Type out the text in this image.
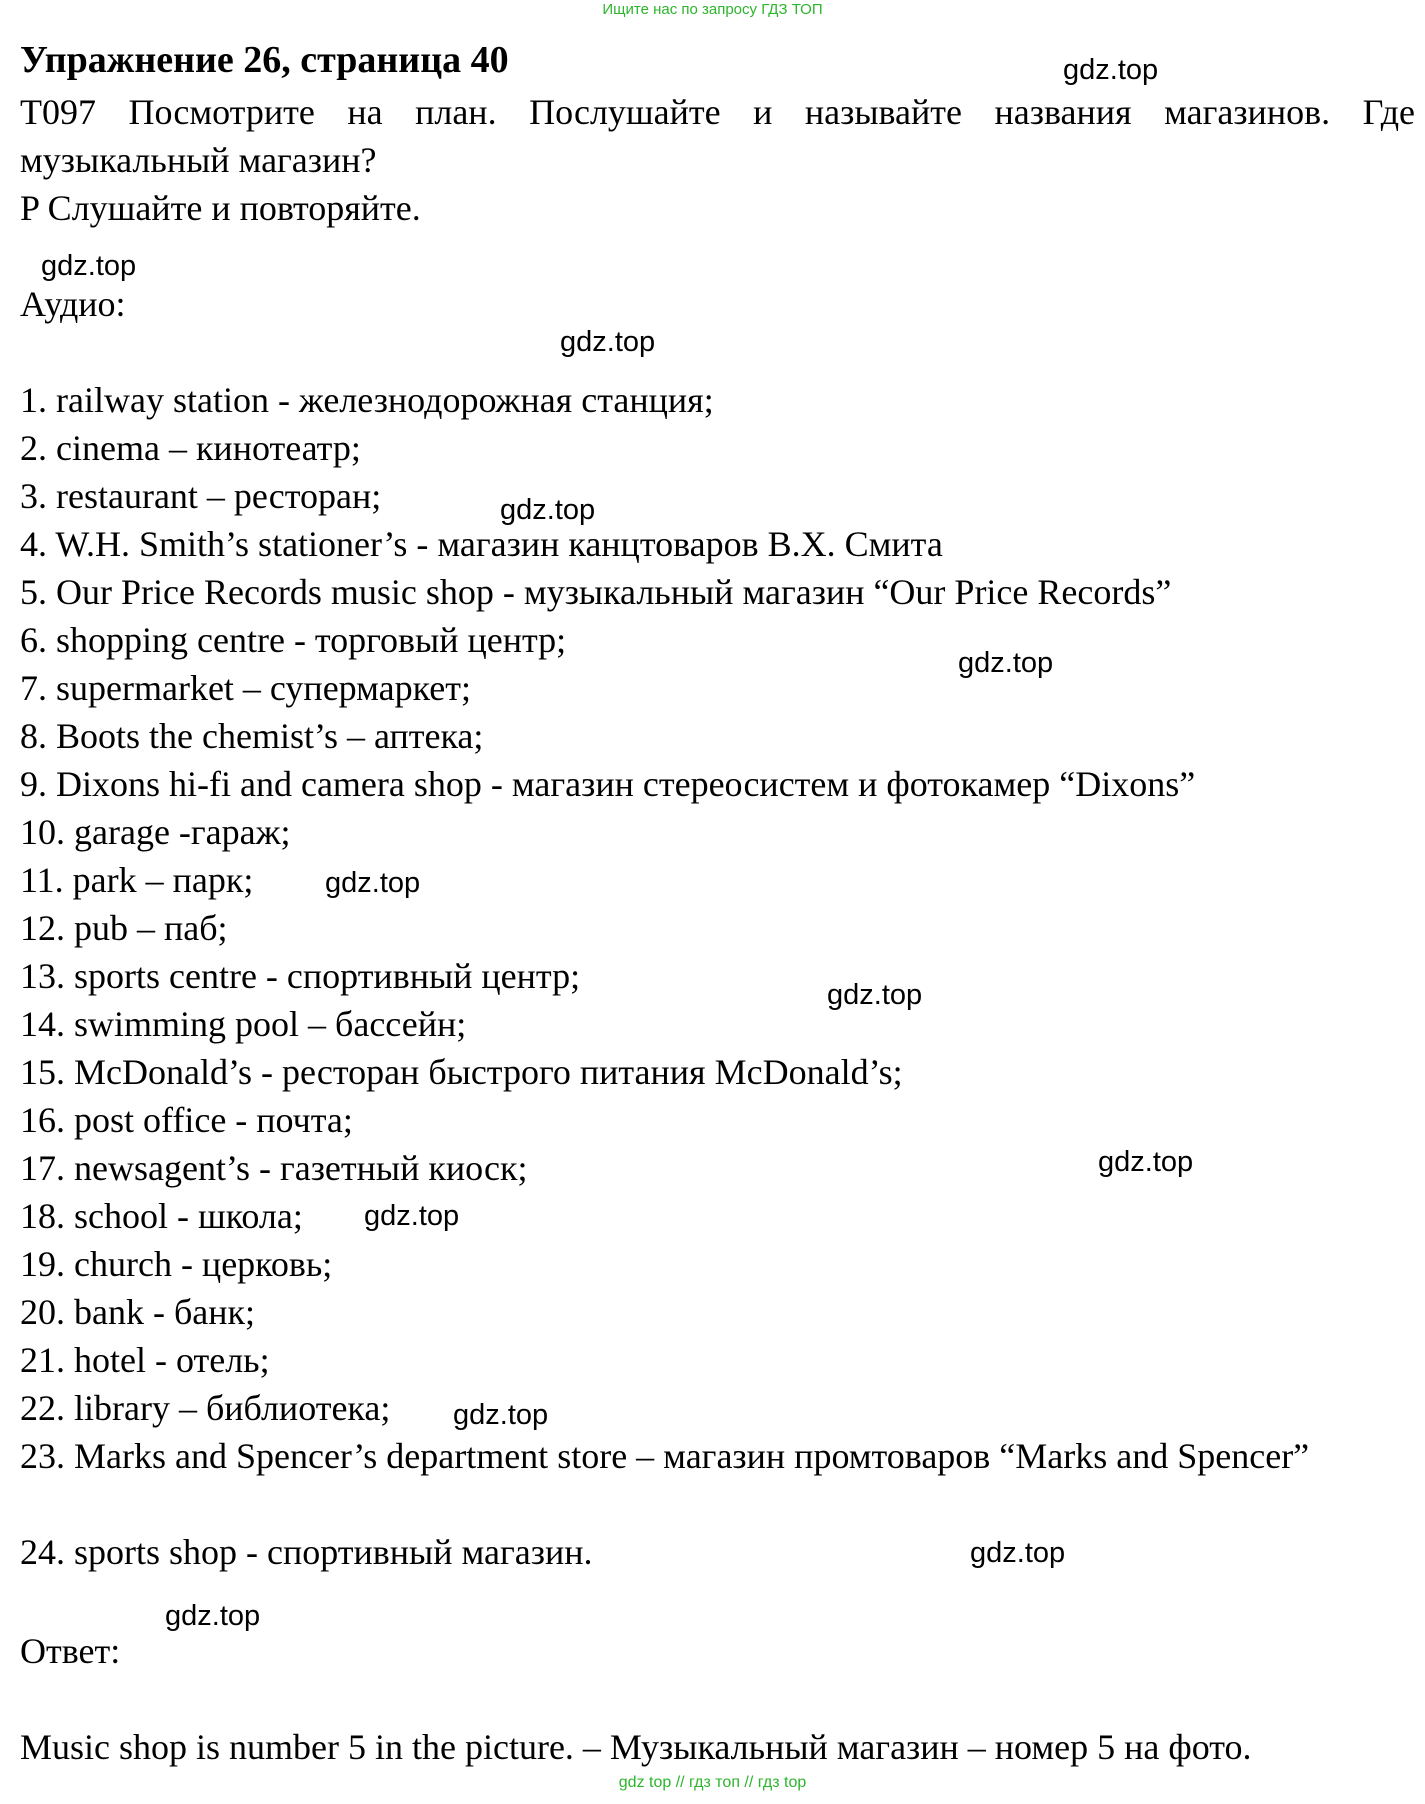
Ищите нас по запросу ГДЗ ТОП
Упражнение 26, страница 40
T097 Посмотрите на план. Послушайте и называйте названия магазинов. Где
музыкальный магазин?
P Слушайте и повторяйте.
Аудио:
1. railway station - железнодорожная станция;
2. cinema – кинотеатр;
3. restaurant – ресторан;
4. W.H. Smith’s stationer’s - магазин канцтоваров В.Х. Смита
5. Our Price Records music shop - музыкальный магазин “Our Price Records”
6. shopping centre - торговый центр;
7. supermarket – супермаркет;
8. Boots the chemist’s – аптека;
9. Dixons hi-fi and camera shop - магазин стереосистем и фотокамер “Dixons”
10. garage -гараж;
11. park – парк;
12. pub – паб;
13. sports centre - спортивный центр;
14. swimming pool – бассейн;
15. McDonald’s - ресторан быстрого питания McDonald’s;
16. post office - почта;
17. newsagent’s - газетный киоск;
18. school - школа;
19. church - церковь;
20. bank - банк;
21. hotel - отель;
22. library – библиотека;
23. Marks and Spencer’s department store – магазин промтоваров “Marks and Spencer”
24. sports shop - спортивный магазин.
Ответ:
Music shop is number 5 in the picture. – Музыкальный магазин – номер 5 на фото.
gdz.top
gdz.top
gdz.top
gdz.top
gdz.top
gdz.top
gdz.top
gdz.top
gdz.top
gdz.top
gdz.top
gdz.top
gdz top // гдз топ // гдз top
